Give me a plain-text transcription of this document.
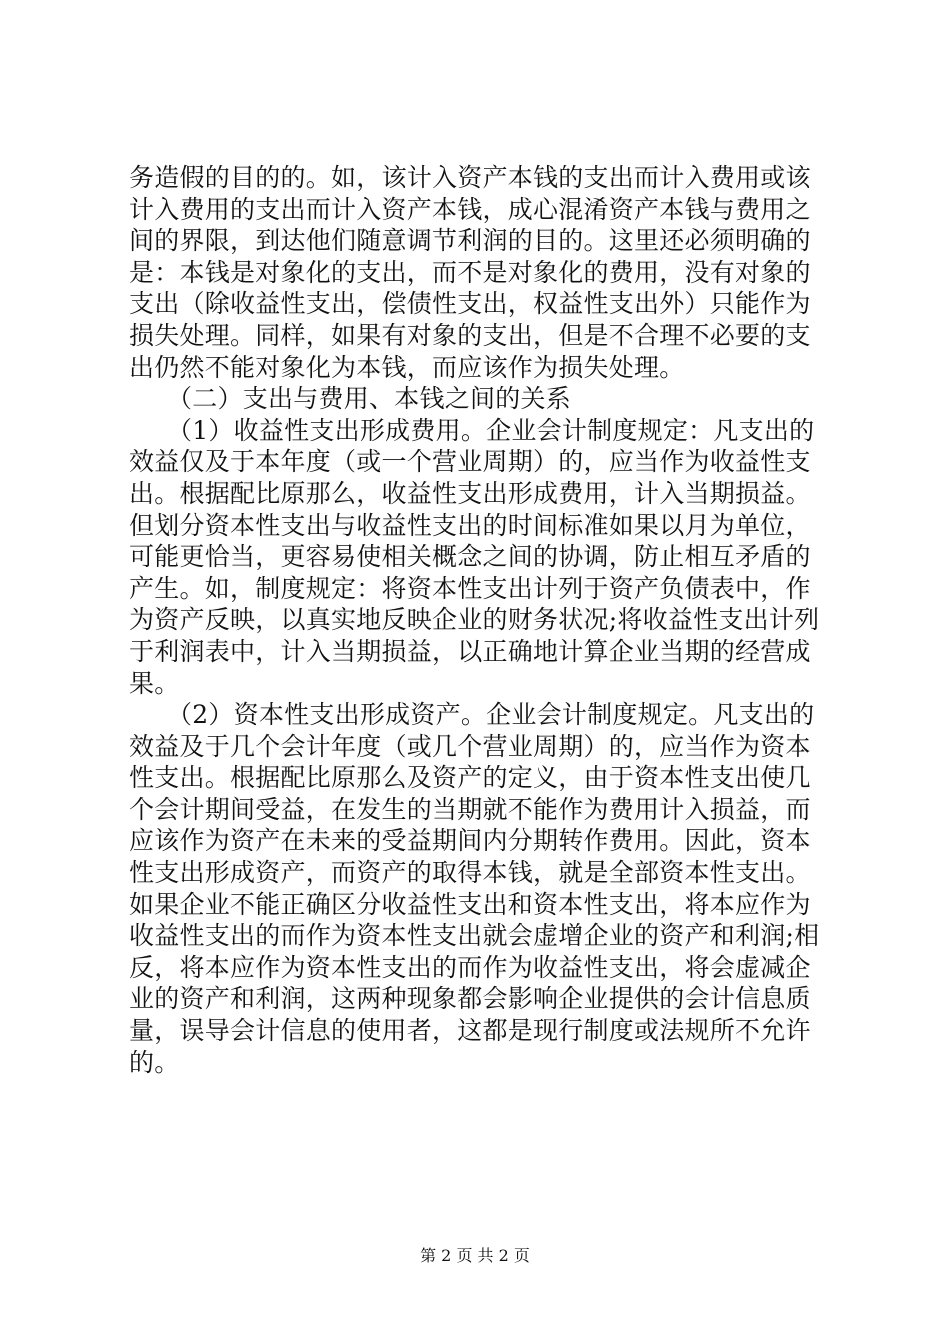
务造假的目的的。如，该计入资产本钱的支出而计入费用或该
计入费用的支出而计入资产本钱，成心混淆资产本钱与费用之
间的界限，到达他们随意调节利润的目的。这里还必须明确的
是：本钱是对象化的支出，而不是对象化的费用，没有对象的
支出（除收益性支出，偿债性支出，权益性支出外）只能作为
损失处理。同样，如果有对象的支出，但是不合理不必要的支
出仍然不能对象化为本钱，而应该作为损失处理。
　　（二）支出与费用、本钱之间的关系
　　（1）收益性支出形成费用。企业会计制度规定：凡支出的
效益仅及于本年度（或一个营业周期）的，应当作为收益性支
出。根据配比原那么，收益性支出形成费用，计入当期损益。
但划分资本性支出与收益性支出的时间标准如果以月为单位，
可能更恰当，更容易使相关概念之间的协调，防止相互矛盾的
产生。如，制度规定：将资本性支出计列于资产负债表中，作
为资产反映，以真实地反映企业的财务状况;将收益性支出计列
于利润表中，计入当期损益，以正确地计算企业当期的经营成
果。
　　（2）资本性支出形成资产。企业会计制度规定。凡支出的
效益及于几个会计年度（或几个营业周期）的，应当作为资本
性支出。根据配比原那么及资产的定义，由于资本性支出使几
个会计期间受益，在发生的当期就不能作为费用计入损益，而
应该作为资产在未来的受益期间内分期转作费用。因此，资本
性支出形成资产，而资产的取得本钱，就是全部资本性支出。
如果企业不能正确区分收益性支出和资本性支出，将本应作为
收益性支出的而作为资本性支出就会虚增企业的资产和利润;相
反，将本应作为资本性支出的而作为收益性支出，将会虚减企
业的资产和利润，这两种现象都会影响企业提供的会计信息质
量，误导会计信息的使用者，这都是现行制度或法规所不允许
的。
第 2 页 共 2 页
